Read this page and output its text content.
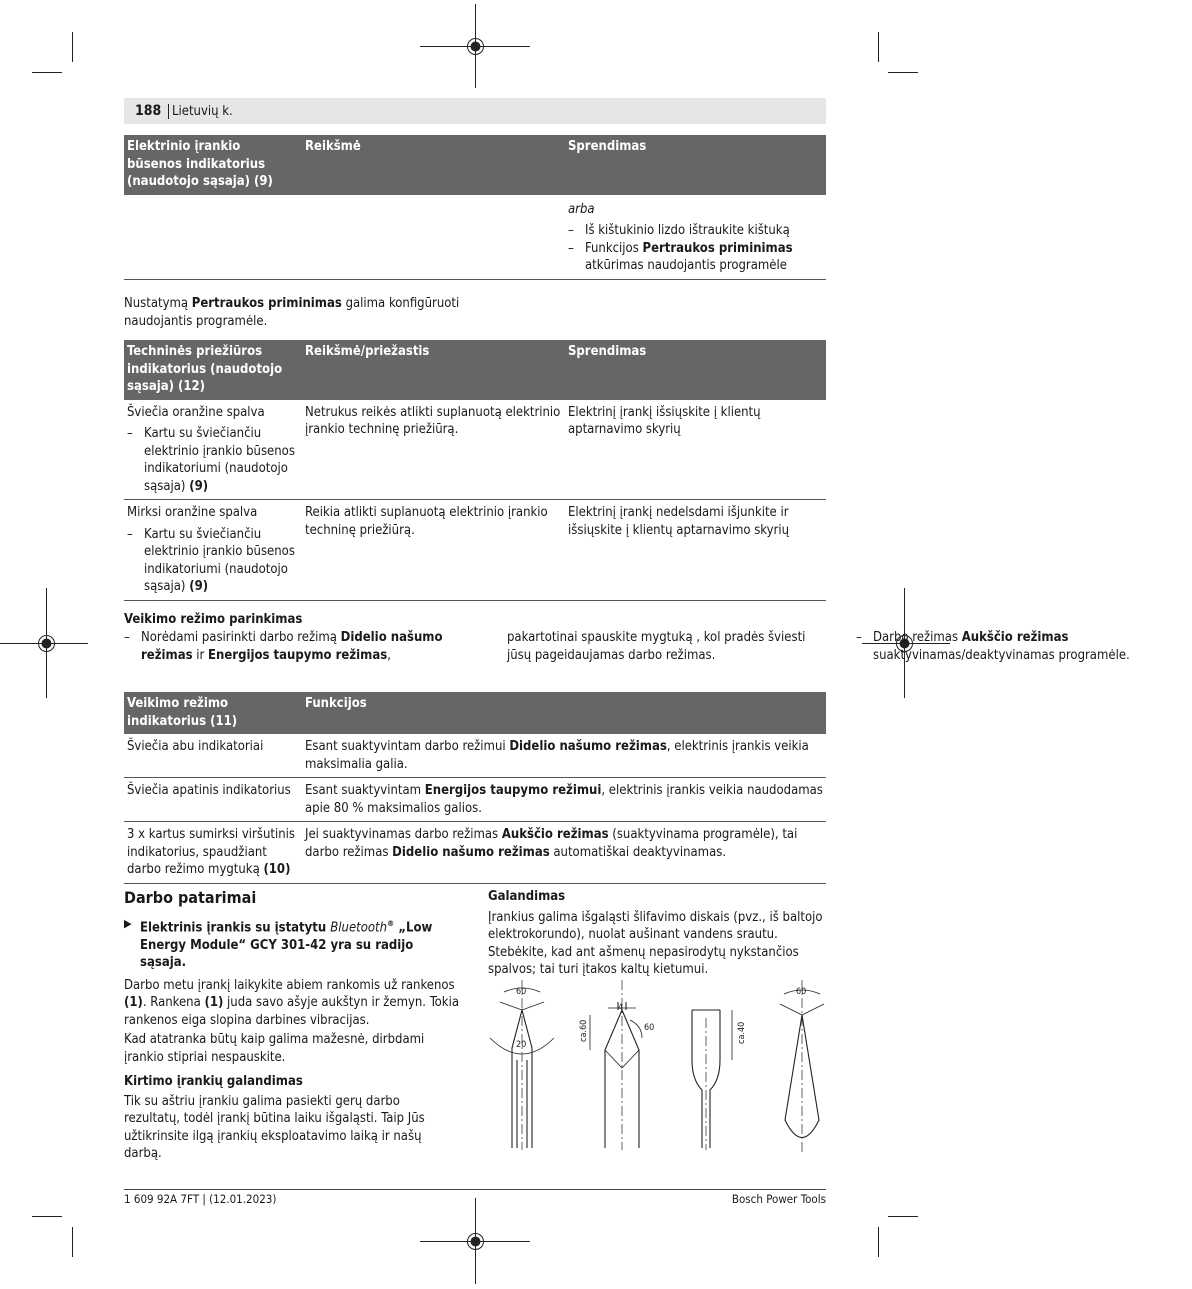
188 Lietuvių k.
Elektrinio įrankio būsenos indikatorius (naudotojo sąsaja) (9)	Reikšmė	Sprendimas

		arba
– Iš kištukinio lizdo ištraukite kištuką
– Funkcijos Pertraukos priminimas atkūrimas naudojantis programėle
Nustatymą Pertraukos priminimas galima konfigūruoti naudojantis programėle.
Techninės priežiūros indikatorius (naudotojo sąsaja) (12)	Reikšmė/priežastis	Sprendimas

Šviečia oranžine spalva
– Kartu su šviečiančiu elektrinio įrankio būsenos indikatoriumi (naudotojo sąsaja) (9)	Netrukus reikės atlikti suplanuotą elektrinio įrankio techninę priežiūrą.	Elektrinį įrankį išsiųskite į klientų aptarnavimo skyrių

Mirksi oranžine spalva
– Kartu su šviečiančiu elektrinio įrankio būsenos indikatoriumi (naudotojo sąsaja) (9)	Reikia atlikti suplanuotą elektrinio įrankio techninę priežiūrą.	Elektrinį įrankį nedelsdami išjunkite ir išsiųskite į klientų aptarnavimo skyrių
Veikimo režimo parinkimas
– Norėdami pasirinkti darbo režimą Didelio našumo režimas ir Energijos taupymo režimas, pakartotinai spauskite mygtuką , kol pradės šviesti jūsų pageidaujamas darbo režimas.
– Darbo režimas Aukščio režimas suaktyvinamas/deaktyvinamas programėle.
Veikimo režimo indikatorius (11)	Funkcijos
Šviečia abu indikatoriai	Esant suaktyvintam darbo režimui Didelio našumo režimas, elektrinis įrankis veikia maksimalia galia.
Šviečia apatinis indikatorius	Esant suaktyvintam Energijos taupymo režimui, elektrinis įrankis veikia naudodamas apie 80 % maksimalios galios.
3 x kartus sumirksi viršutinis indikatorius, spaudžiant darbo režimo mygtuką (10)	Jei suaktyvinamas darbo režimas Aukščio režimas (suaktyvinama programėle), tai darbo režimas Didelio našumo režimas automatiškai deaktyvinamas.
Darbo patarimai
▶ Elektrinis įrankis su įstatytu Bluetooth® „Low Energy Module“ GCY 301-42 yra su radijo sąsaja.
Darbo metu įrankį laikykite abiem rankomis už rankenos (1). Rankena (1) juda savo ašyje aukštyn ir žemyn. Tokia rankenos eiga slopina darbines vibracijas.
Kad atatranka būtų kaip galima mažesnė, dirbdami įrankio stipriai nespauskite.
Kirtimo įrankių galandimas
Tik su aštriu įrankiu galima pasiekti gerų darbo rezultatų, todėl įrankį būtina laiku išgaląsti. Taip Jūs užtikrinsite ilgą įrankių eksploatavimo laiką ir našų darbą.
Galandimas
Įrankius galima išgaląsti šlifavimo diskais (pvz., iš baltojo elektrokorundo), nuolat aušinant vandens srautu. Stebėkite, kad ant ašmenų nepasirodytų nykstančios spalvos; tai turi įtakos kaltų kietumui.
60
20
4
ca.60	60	ca.40
60
1 609 92A 7FT | (12.01.2023)	Bosch Power Tools
